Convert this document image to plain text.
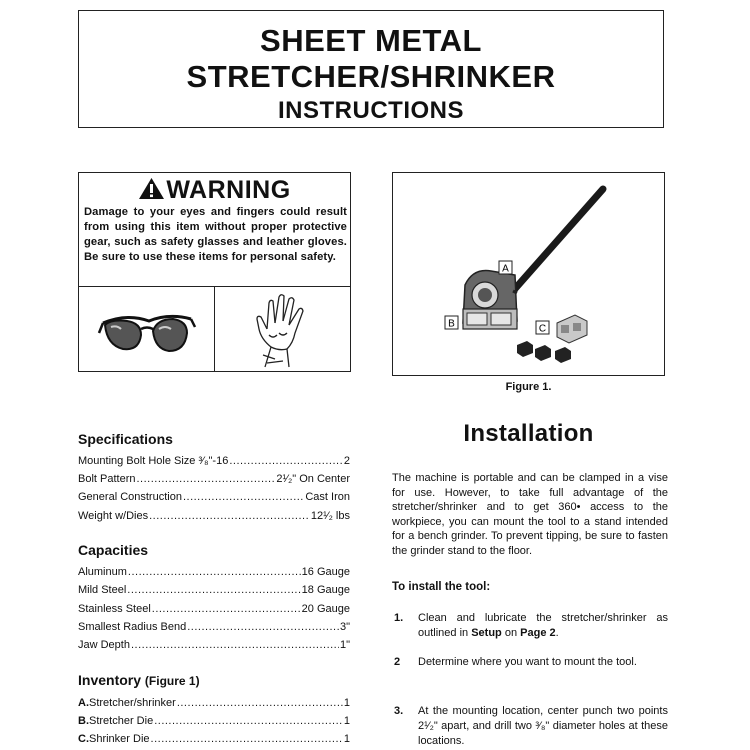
SHEET METAL
STRETCHER/SHRINKER
INSTRUCTIONS
WARNING
Damage to your eyes and fingers could result from using this item without proper protective gear, such as safety glasses and leather gloves. Be sure to use these items for personal safety.
A
B	C
Figure 1.
Specifications
Mounting Bolt Hole Size ³⁄₈"-16 .....	2
Bolt Pattern .....	2¹⁄₂" On Center
General Construction .....	Cast Iron
Weight w/Dies .....	12¹⁄₂ lbs
Capacities
Aluminum .....	16 Gauge
Mild Steel .....	18 Gauge
Stainless Steel .....	20 Gauge
Smallest Radius Bend .....	3"
Jaw Depth .....	1"
Inventory (Figure 1)
A. Stretcher/shrinker .....	1
B. Stretcher Die .....	1
C. Shrinker Die .....	1
Installation
The machine is portable and can be clamped in a vise for use. However, to take full advantage of the stretcher/shrinker and to get 360• access to the workpiece, you can mount the tool to a stand intended for a bench grinder. To prevent tipping, be sure to fasten the grinder stand to the floor.
To install the tool:
1. Clean and lubricate the stretcher/shrinker as outlined in Setup on Page 2.
2 Determine where you want to mount the tool.
3. At the mounting location, center punch two points 2¹⁄₂" apart, and drill two ³⁄₈" diameter holes at these locations.
